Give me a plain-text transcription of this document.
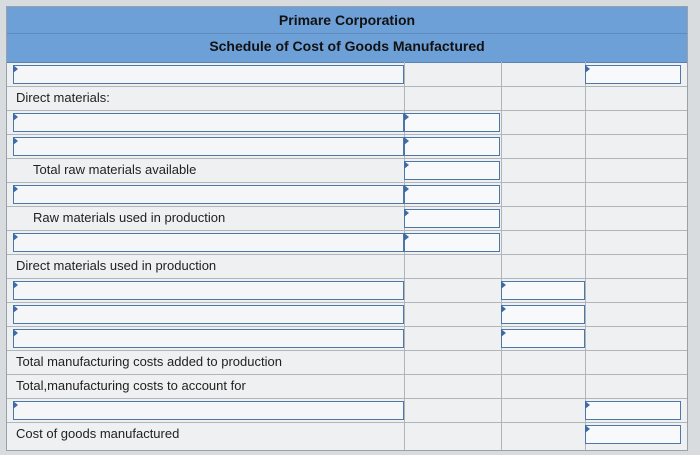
Primare Corporation
Schedule of Cost of Goods Manufactured
Direct materials:
Total raw materials available
Raw materials used in production
Direct materials used in production
Total manufacturing costs added to production
Total,manufacturing costs to account for
Cost of goods manufactured
